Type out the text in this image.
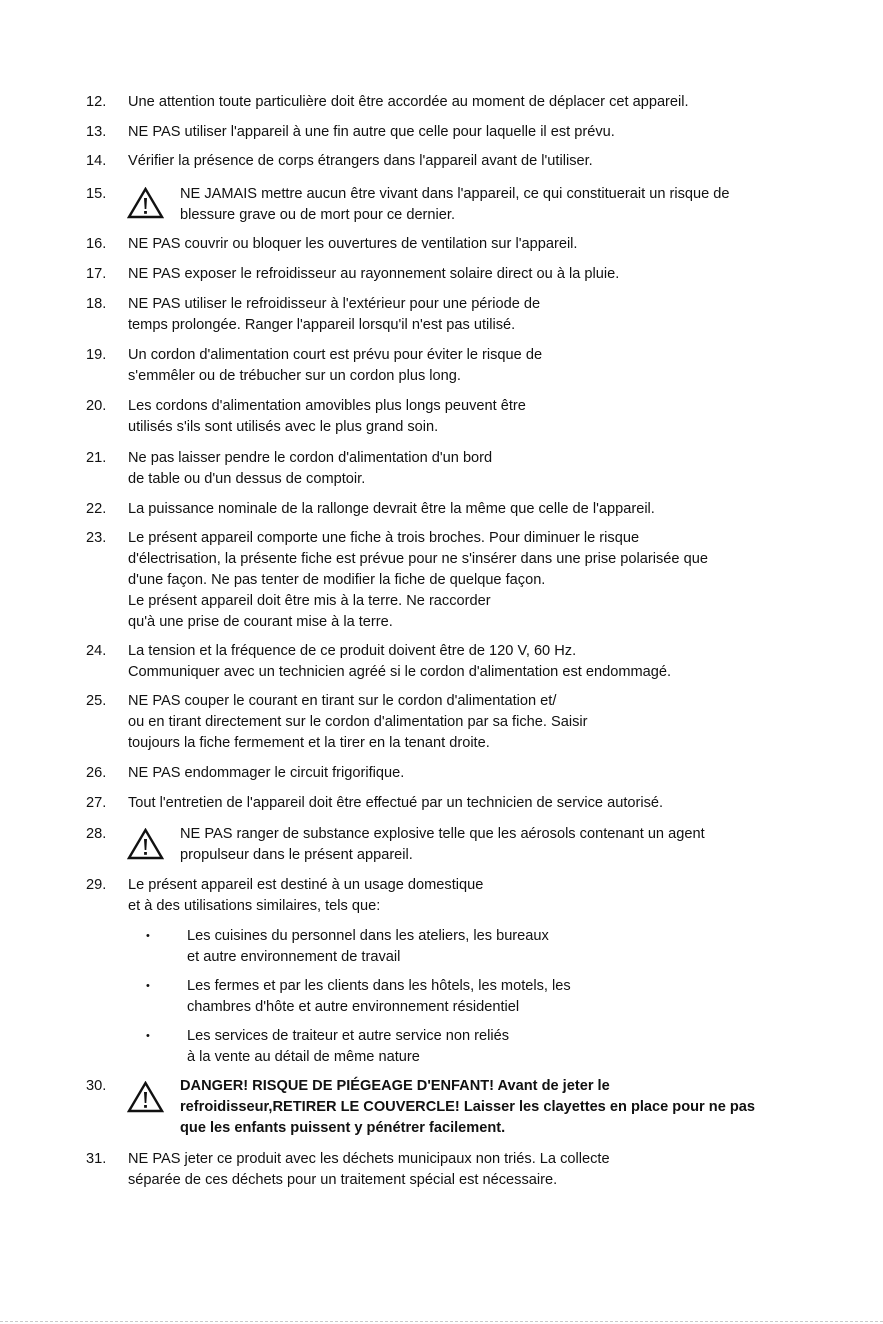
12. Une attention toute particulière doit être accordée au moment de déplacer cet appareil.
13. NE PAS utiliser l'appareil à une fin autre que celle pour laquelle il est prévu.
14. Vérifier la présence de corps étrangers dans l'appareil avant de l'utiliser.
15.	NE JAMAIS mettre aucun être vivant dans l'appareil, ce qui constituerait un risque de
blessure grave ou de mort pour ce dernier.
16. NE PAS couvrir ou bloquer les ouvertures de ventilation sur l'appareil.
17. NE PAS exposer le refroidisseur au rayonnement solaire direct ou à la pluie.
18. NE PAS utiliser le refroidisseur à l'extérieur pour une période de
temps prolongée. Ranger l'appareil lorsqu'il n'est pas utilisé.
19. Un cordon d'alimentation court est prévu pour éviter le risque de
s'emmêler ou de trébucher sur un cordon plus long.
20. Les cordons d'alimentation amovibles plus longs peuvent être
utilisés s'ils sont utilisés avec le plus grand soin.
21. Ne pas laisser pendre le cordon d'alimentation d'un bord
de table ou d'un dessus de comptoir.
22. La puissance nominale de la rallonge devrait être la même que celle de l'appareil.
23. Le présent appareil comporte une fiche à trois broches. Pour diminuer le risque
d'électrisation, la présente fiche est prévue pour ne s'insérer dans une prise polarisée que
d'une façon. Ne pas tenter de modifier la fiche de quelque façon.
Le présent appareil doit être mis à la terre. Ne raccorder
qu'à une prise de courant mise à la terre.
24. La tension et la fréquence de ce produit doivent être de 120 V, 60 Hz.
Communiquer avec un technicien agréé si le cordon d'alimentation est endommagé.
25. NE PAS couper le courant en tirant sur le cordon d'alimentation et/
ou en tirant directement sur le cordon d'alimentation par sa fiche. Saisir
toujours la fiche fermement et la tirer en la tenant droite.
26. NE PAS endommager le circuit frigorifique.
27. Tout l'entretien de l'appareil doit être effectué par un technicien de service autorisé.
28.	NE PAS ranger de substance explosive telle que les aérosols contenant un agent
propulseur dans le présent appareil.
29. Le présent appareil est destiné à un usage domestique
et à des utilisations similaires, tels que:
•	Les cuisines du personnel dans les ateliers, les bureaux
et autre environnement de travail
•	Les fermes et par les clients dans les hôtels, les motels, les
chambres d'hôte et autre environnement résidentiel
•	Les services de traiteur et autre service non reliés
à la vente au détail de même nature
30.	DANGER! RISQUE DE PIÉGEAGE D'ENFANT! Avant de jeter le
refroidisseur,RETIRER LE COUVERCLE! Laisser les clayettes en place pour ne pas
que les enfants puissent y pénétrer facilement.
31. NE PAS jeter ce produit avec les déchets municipaux non triés. La collecte
séparée de ces déchets pour un traitement spécial est nécessaire.
